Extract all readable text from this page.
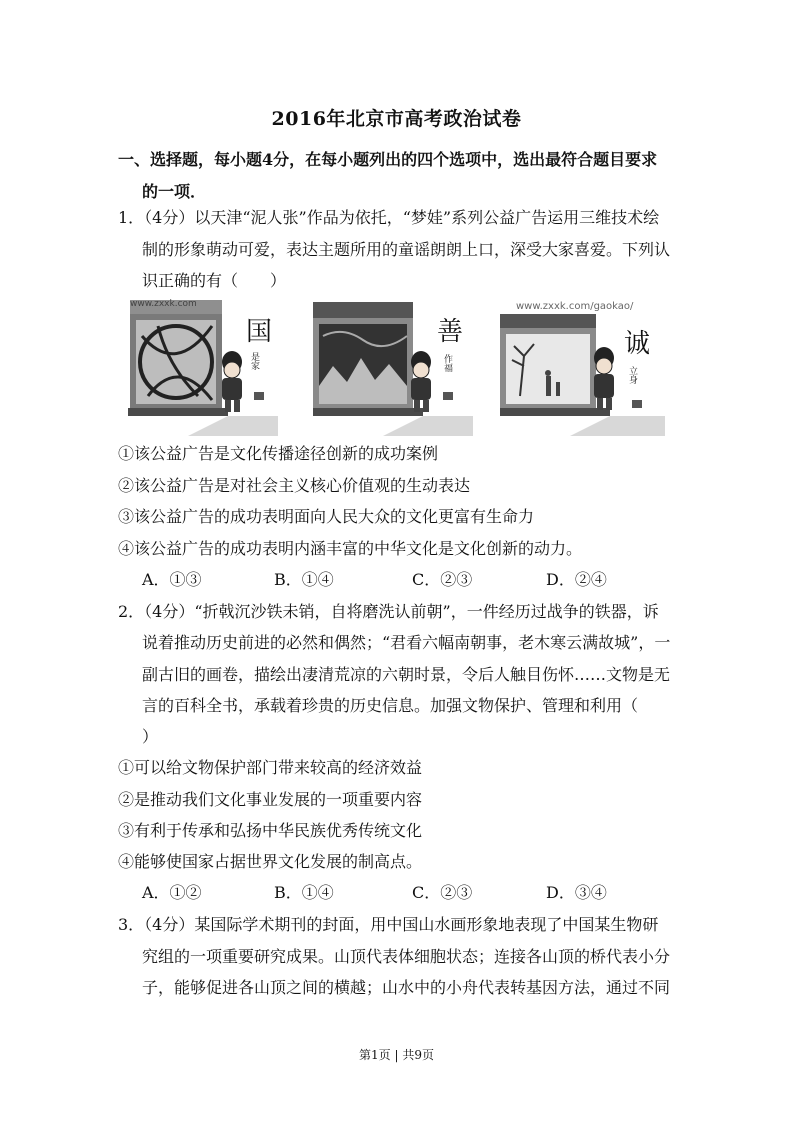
2016年北京市高考政治试卷
一、选择题，每小题4分，在每小题列出的四个选项中，选出最符合题目要求
的一项．
1．（4分）以天津“泥人张”作品为依托，“梦娃”系列公益广告运用三维技术绘
制的形象萌动可爱，表达主题所用的童谣朗朗上口，深受大家喜爱。下列认
识正确的有（　　）
国
是家
善
作福
www.zxxk.com/gaokao/
诚
立身
①该公益广告是文化传播途径创新的成功案例
②该公益广告是对社会主义核心价值观的生动表达
③该公益广告的成功表明面向人民大众的文化更富有生命力
④该公益广告的成功表明内涵丰富的中华文化是文化创新的动力。
A．①③	B．①④	C．②③	D．②④
2．（4分）“折戟沉沙铁未销，自将磨洗认前朝”，一件经历过战争的铁器，诉
说着推动历史前进的必然和偶然；“君看六幅南朝事，老木寒云满故城”，一
副古旧的画卷，描绘出凄清荒凉的六朝时景，令后人触目伤怀……文物是无
言的百科全书，承载着珍贵的历史信息。加强文物保护、管理和利用（
）
①可以给文物保护部门带来较高的经济效益
②是推动我们文化事业发展的一项重要内容
③有利于传承和弘扬中华民族优秀传统文化
④能够使国家占据世界文化发展的制高点。
A．①②	B．①④	C．②③	D．③④
3．（4分）某国际学术期刊的封面，用中国山水画形象地表现了中国某生物研
究组的一项重要研究成果。山顶代表体细胞状态；连接各山顶的桥代表小分
子，能够促进各山顶之间的横越；山水中的小舟代表转基因方法，通过不同
第1页 | 共9页
